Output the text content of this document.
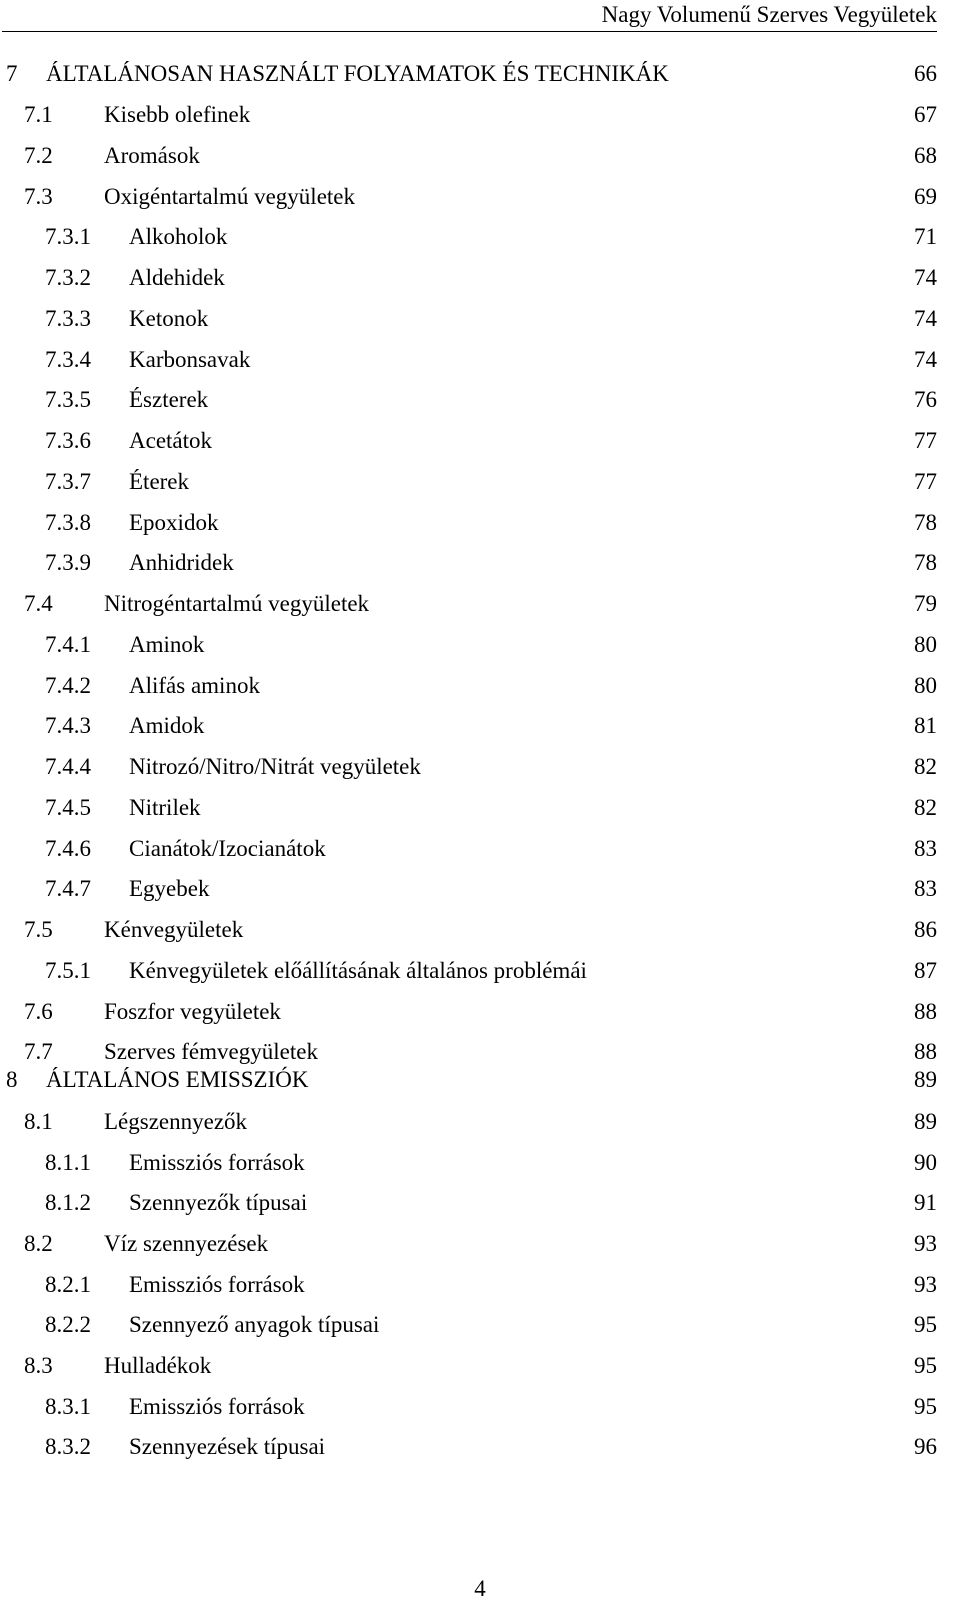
Nagy Volumenű Szerves Vegyületek
7 ÁLTALÁNOSAN HASZNÁLT FOLYAMATOK ÉS TECHNIKÁK	66
7.1 Kisebb olefinek	67
7.2 Aromások	68
7.3 Oxigéntartalmú vegyületek	69
7.3.1 Alkoholok	71
7.3.2 Aldehidek	74
7.3.3 Ketonok	74
7.3.4 Karbonsavak	74
7.3.5 Észterek	76
7.3.6 Acetátok	77
7.3.7 Éterek	77
7.3.8 Epoxidok	78
7.3.9 Anhidridek	78
7.4 Nitrogéntartalmú vegyületek	79
7.4.1 Aminok	80
7.4.2 Alifás aminok	80
7.4.3 Amidok	81
7.4.4 Nitrozó/Nitro/Nitrát vegyületek	82
7.4.5 Nitrilek	82
7.4.6 Cianátok/Izocianátok	83
7.4.7 Egyebek	83
7.5 Kénvegyületek	86
7.5.1 Kénvegyületek előállításának általános problémái	87
7.6 Foszfor vegyületek	88
7.7 Szerves fémvegyületek	88
8 ÁLTALÁNOS EMISSZIÓK	89
8.1 Légszennyezők	89
8.1.1 Emissziós források	90
8.1.2 Szennyezők típusai	91
8.2 Víz szennyezések	93
8.2.1 Emissziós források	93
8.2.2 Szennyező anyagok típusai	95
8.3 Hulladékok	95
8.3.1 Emissziós források	95
8.3.2 Szennyezések típusai	96
4
